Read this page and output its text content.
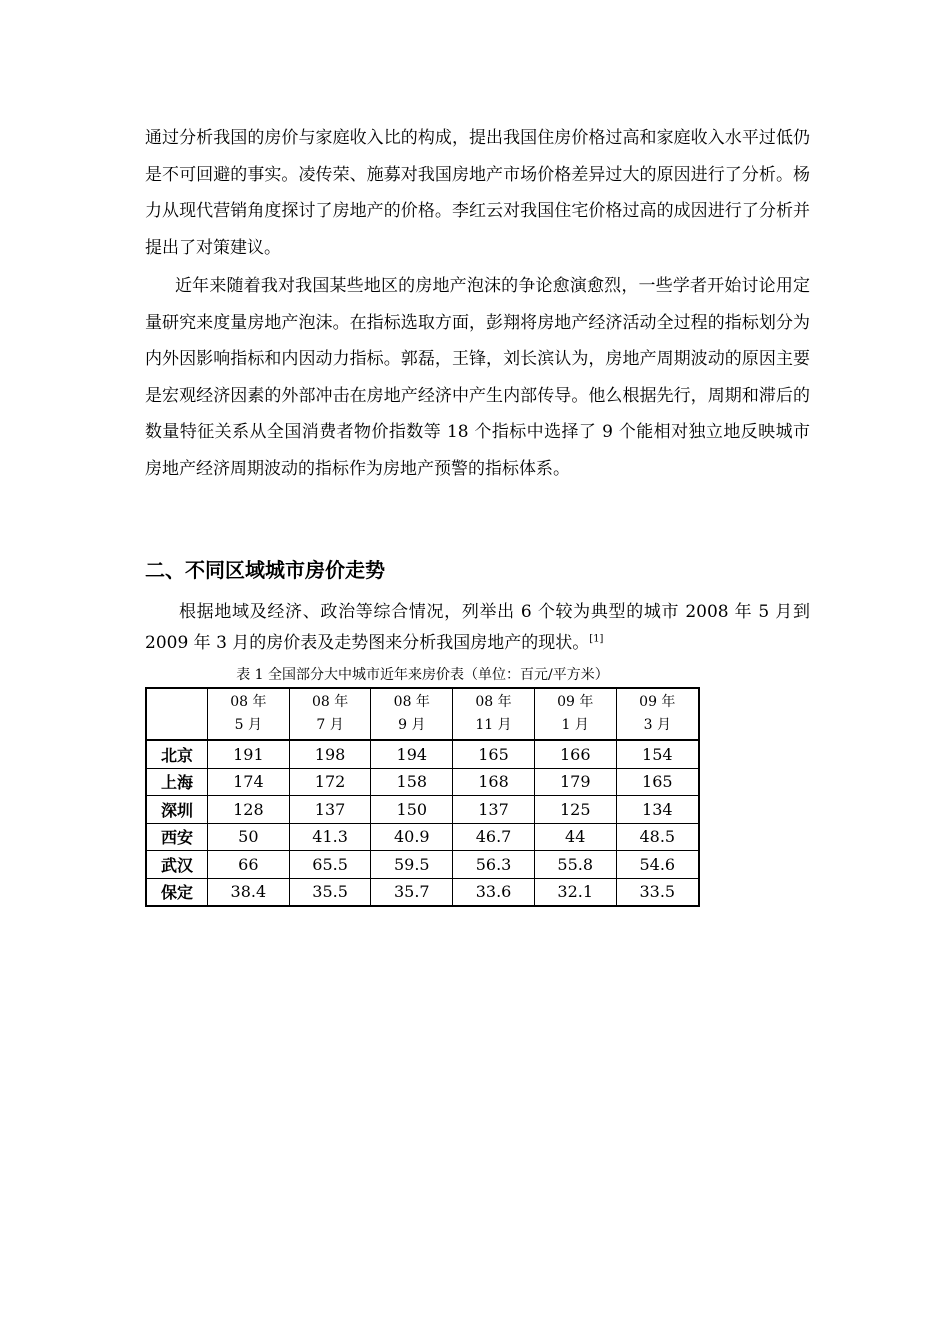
通过分析我国的房价与家庭收入比的构成，提出我国住房价格过高和家庭收入水平过低仍是不可回避的事实。凌传荣、施募对我国房地产市场价格差异过大的原因进行了分析。杨力从现代营销角度探讨了房地产的价格。李红云对我国住宅价格过高的成因进行了分析并提出了对策建议。

近年来随着我对我国某些地区的房地产泡沫的争论愈演愈烈，一些学者开始讨论用定量研究来度量房地产泡沫。在指标选取方面，彭翔将房地产经济活动全过程的指标划分为内外因影响指标和内因动力指标。郭磊，王锋，刘长滨认为，房地产周期波动的原因主要是宏观经济因素的外部冲击在房地产经济中产生内部传导。他么根据先行，周期和滞后的数量特征关系从全国消费者物价指数等 18 个指标中选择了 9 个能相对独立地反映城市房地产经济周期波动的指标作为房地产预警的指标体系。

二、不同区域城市房价走势

根据地域及经济、政治等综合情况，列举出 6 个较为典型的城市 2008 年 5 月到 2009 年 3 月的房价表及走势图来分析我国房地产的现状。[1]

表 1 全国部分大中城市近年来房价表（单位：百元/平方米）

	08 年
5 月	08 年
7 月	08 年
9 月	08 年
11 月	09 年
1 月	09 年
3 月

北京	191	198	194	165	166	154
上海	174	172	158	168	179	165
深圳	128	137	150	137	125	134
西安	50	41.3	40.9	46.7	44	48.5
武汉	66	65.5	59.5	56.3	55.8	54.6
保定	38.4	35.5	35.7	33.6	32.1	33.5
